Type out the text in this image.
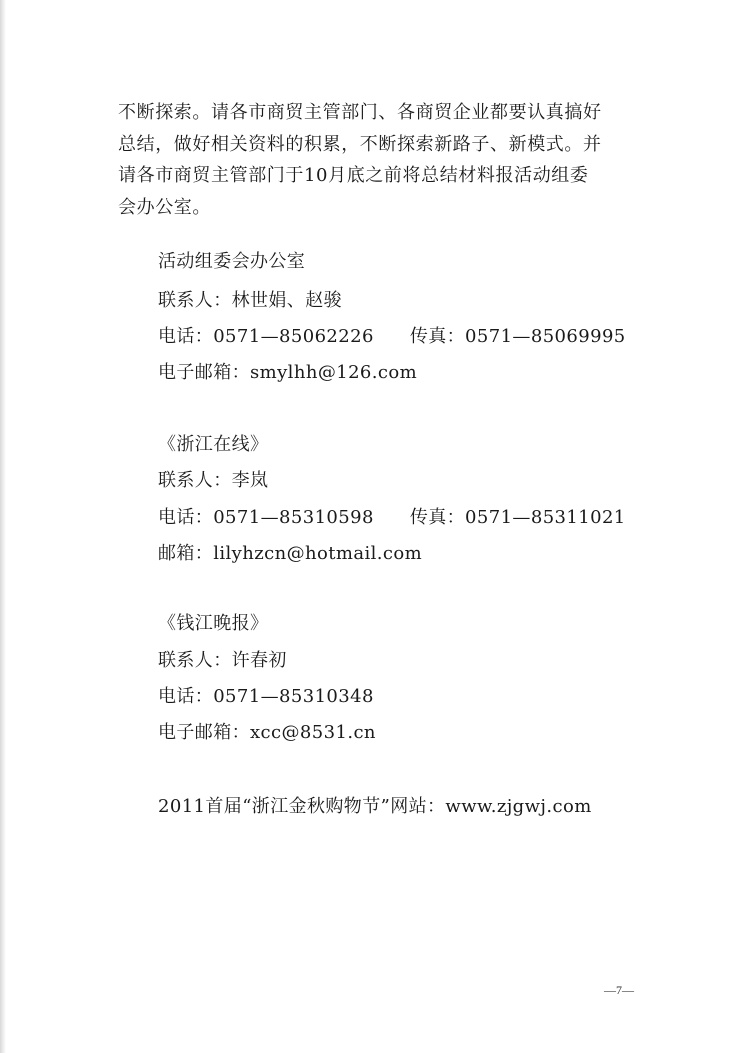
不断探索。请各市商贸主管部门、各商贸企业都要认真搞好
总结，做好相关资料的积累，不断探索新路子、新模式。并
请各市商贸主管部门于10月底之前将总结材料报活动组委
会办公室。
活动组委会办公室
联系人：林世娟、赵骏
电话：0571—85062226 传真：0571—85069995
电子邮箱：smylhh@126.com
《浙江在线》
联系人：李岚
电话：0571—85310598 传真：0571—85311021
邮箱：lilyhzcn@hotmail.com
《钱江晚报》
联系人：许春初
电话：0571—85310348
电子邮箱：xcc@8531.cn
2011首届“浙江金秋购物节”网站：www.zjgwj.com
—7—
